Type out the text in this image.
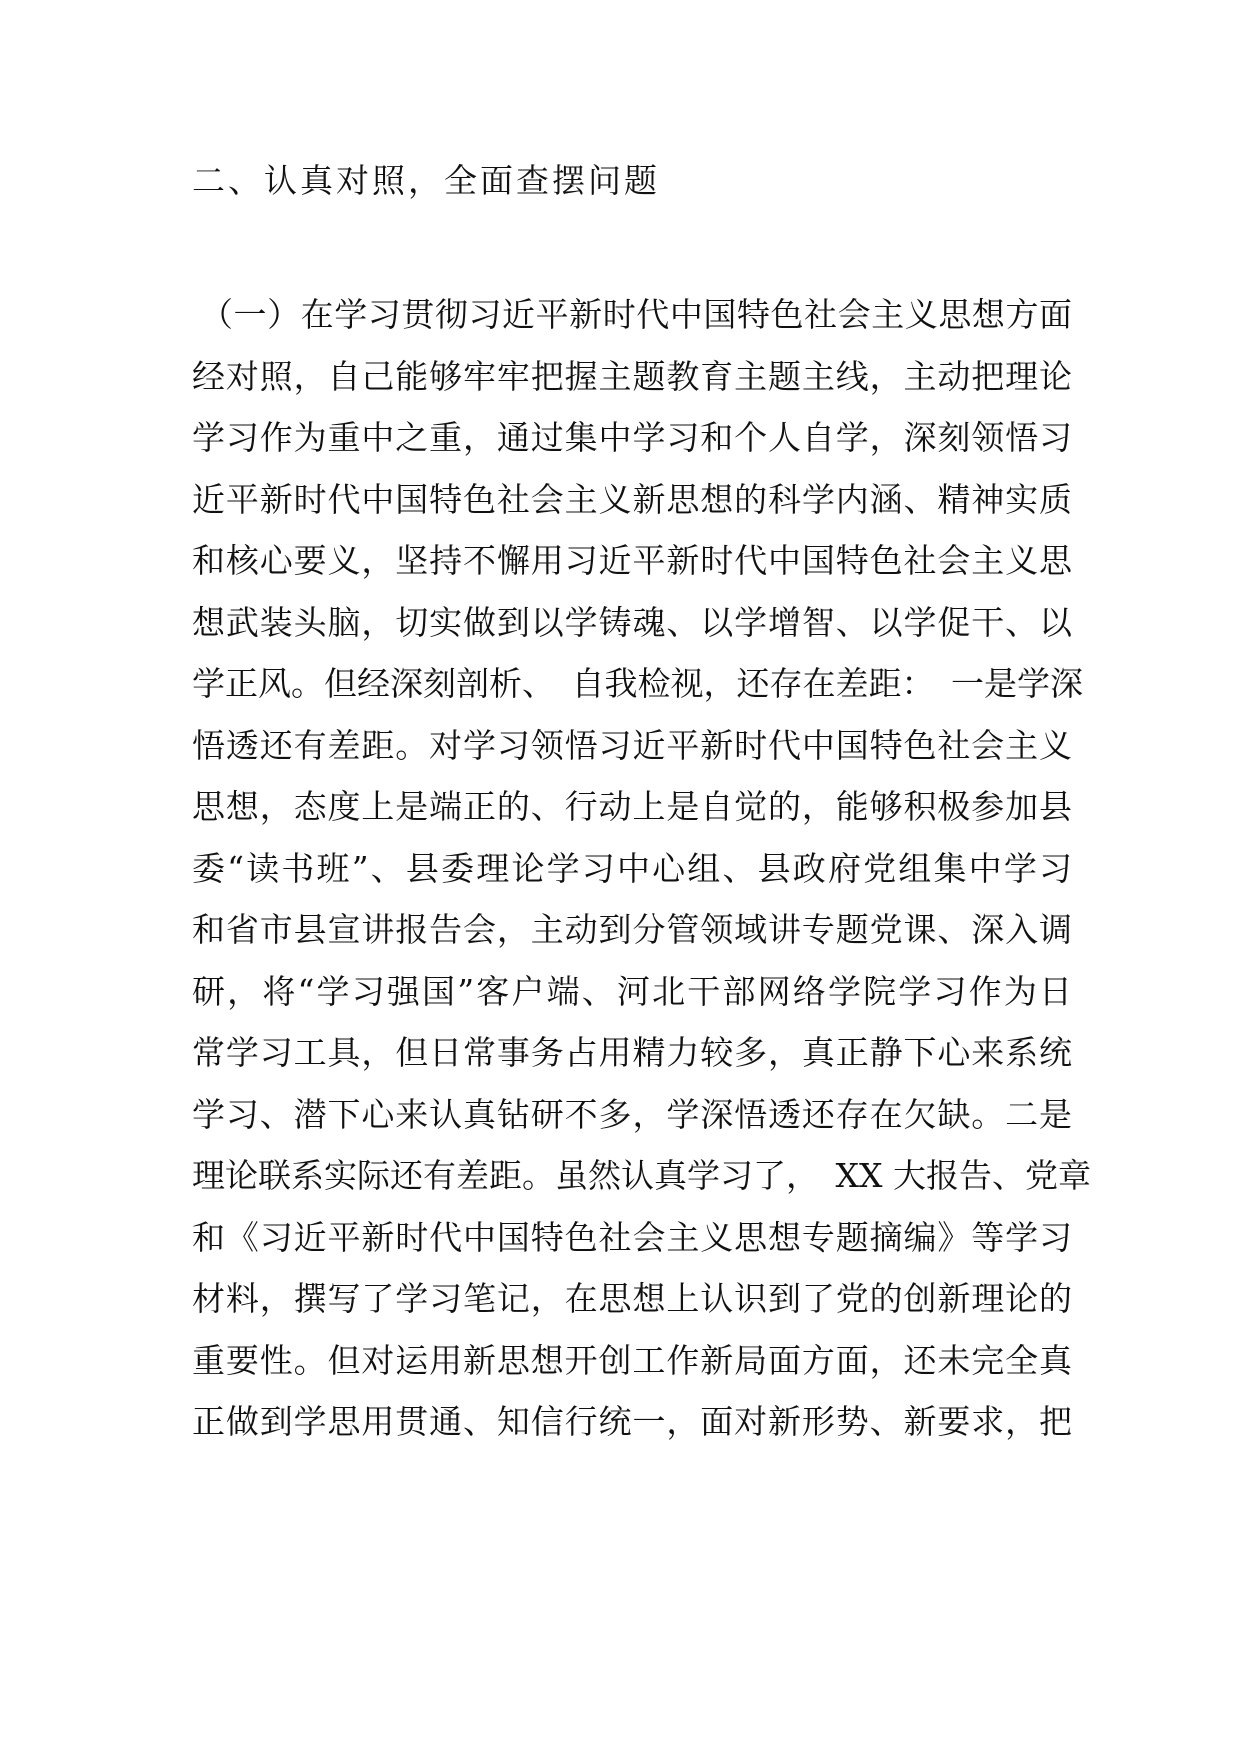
二、认真对照，全面查摆问题
（一）在学习贯彻习近平新时代中国特色社会主义思想方面
经对照，自己能够牢牢把握主题教育主题主线，主动把理论
学习作为重中之重，通过集中学习和个人自学，深刻领悟习
近平新时代中国特色社会主义新思想的科学内涵、精神实质
和核心要义，坚持不懈用习近平新时代中国特色社会主义思
想武装头脑，切实做到以学铸魂、以学增智、以学促干、以
学正风。但经深刻剖析、　自我检视，还存在差距：　一是学深
悟透还有差距。对学习领悟习近平新时代中国特色社会主义
思想，态度上是端正的、行动上是自觉的，能够积极参加县
委“读书班”、县委理论学习中心组、县政府党组集中学习
和省市县宣讲报告会，主动到分管领域讲专题党课、深入调
研，将“学习强国”客户端、河北干部网络学院学习作为日
常学习工具，但日常事务占用精力较多，真正静下心来系统
学习、潜下心来认真钻研不多，学深悟透还存在欠缺。二是
理论联系实际还有差距。虽然认真学习了，　XX 大报告、党章
和《习近平新时代中国特色社会主义思想专题摘编》等学习
材料，撰写了学习笔记，在思想上认识到了党的创新理论的
重要性。但对运用新思想开创工作新局面方面，还未完全真
正做到学思用贯通、知信行统一，面对新形势、新要求，把
